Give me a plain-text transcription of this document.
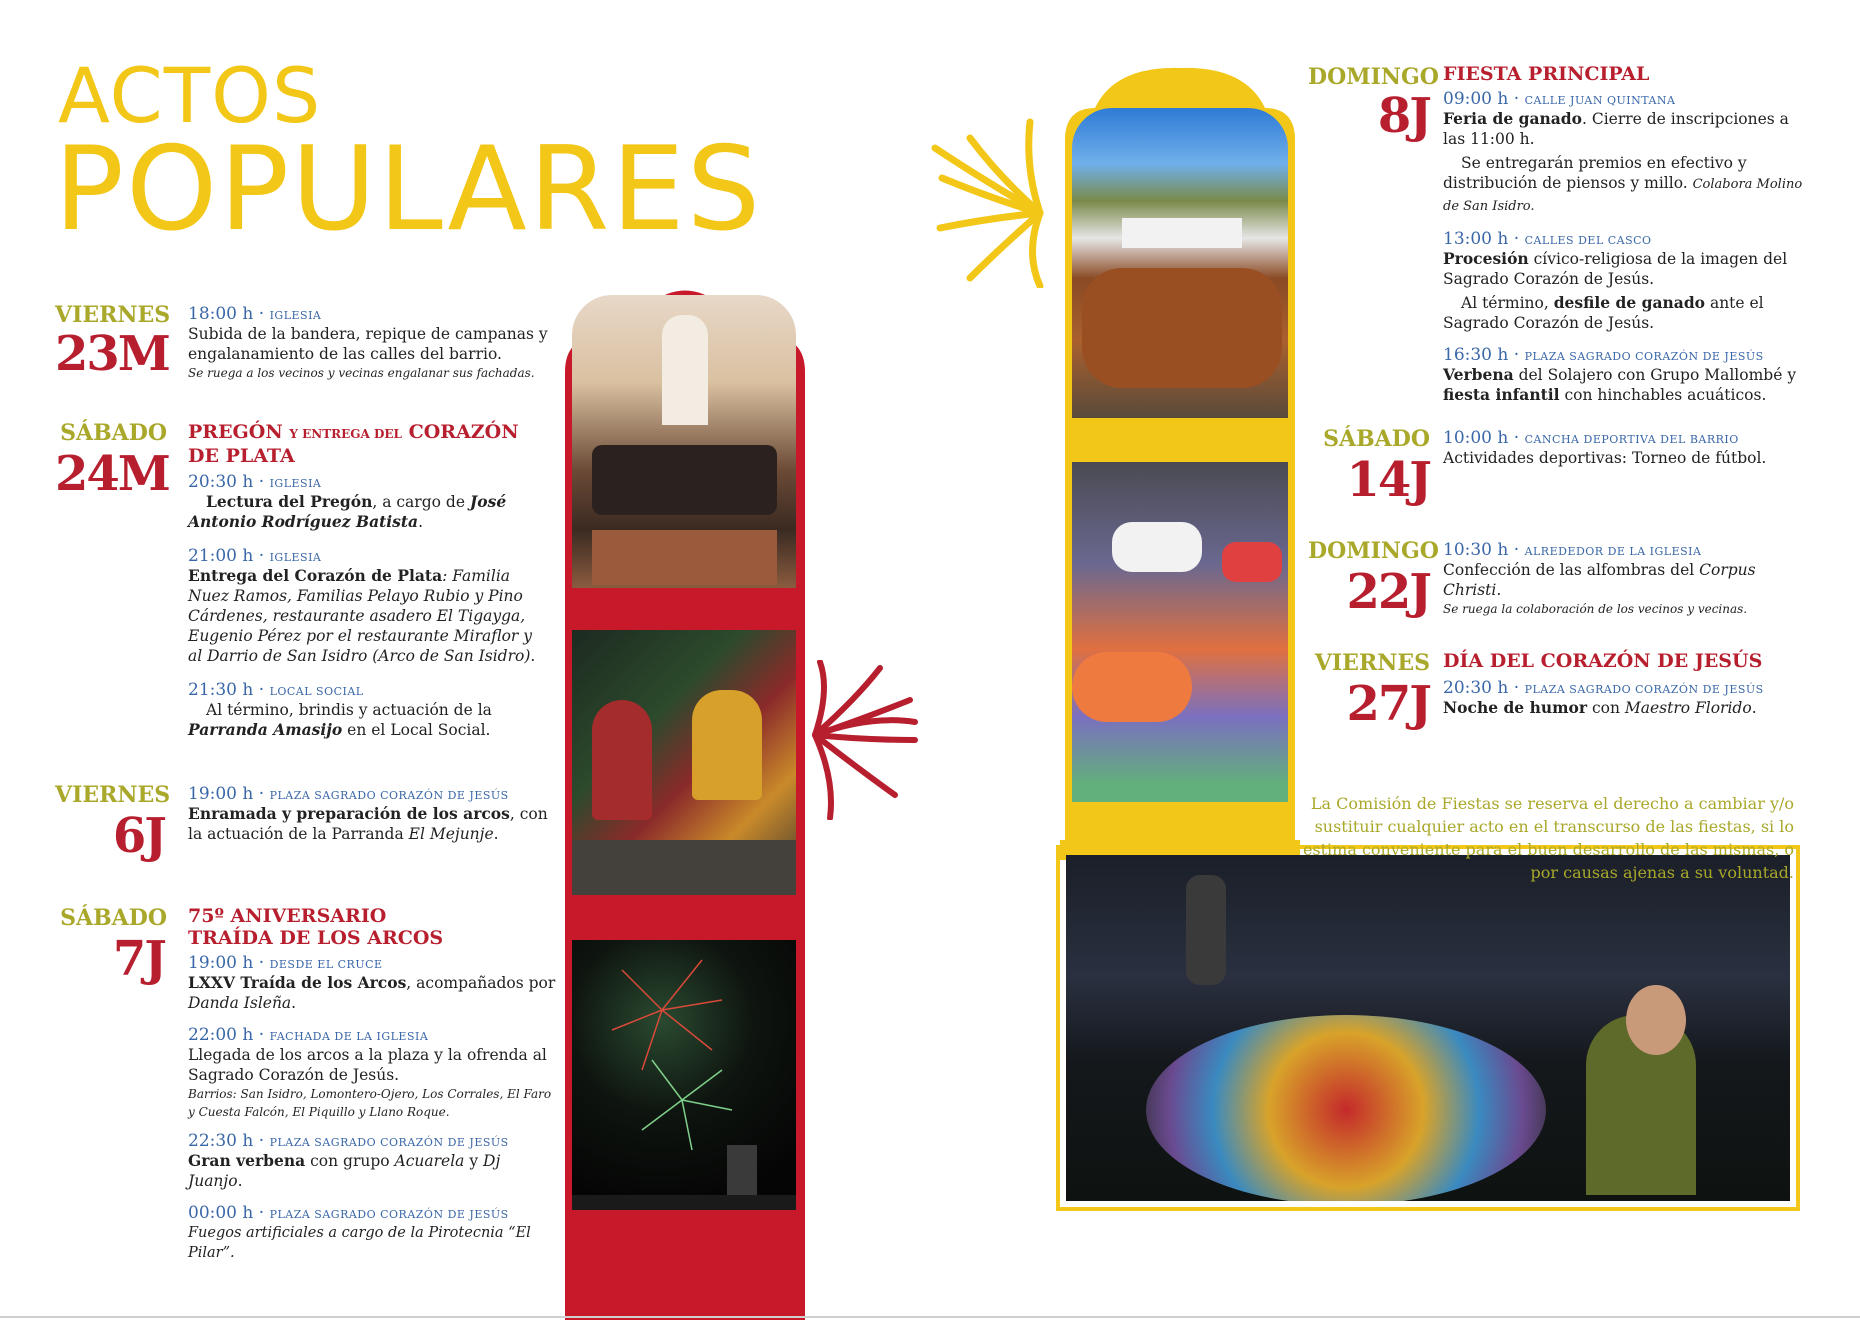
ACTOS
POPULARES
VIERNES
23M
18:00 h · IGLESIA
Subida de la bandera, repique de campanas y engalanamiento de las calles del barrio.
Se ruega a los vecinos y vecinas engalanar sus fachadas.
SÁBADO
24M
PREGÓN Y ENTREGA DEL CORAZÓN
DE PLATA
20:30 h · IGLESIA
Lectura del Pregón, a cargo de José Antonio Rodríguez Batista.
21:00 h · IGLESIA
Entrega del Corazón de Plata: Familia Nuez Ramos, Familias Pelayo Rubio y Pino Cárdenes, restaurante asadero El Tigayga, Eugenio Pérez por el restaurante Miraflor y al Darrio de San Isidro (Arco de San Isidro).
21:30 h · LOCAL SOCIAL
Al término, brindis y actuación de la Parranda Amasijo en el Local Social.
VIERNES
6J
19:00 h · PLAZA SAGRADO CORAZÓN DE JESÚS
Enramada y preparación de los arcos, con la actuación de la Parranda El Mejunje.
SÁBADO
7J
75º ANIVERSARIO
TRAÍDA DE LOS ARCOS
19:00 h · DESDE EL CRUCE
LXXV Traída de los Arcos, acompañados por Danda Isleña.
22:00 h · FACHADA DE LA IGLESIA
Llegada de los arcos a la plaza y la ofrenda al Sagrado Corazón de Jesús.
Barrios: San Isidro, Lomontero-Ojero, Los Corrales, El Faro y Cuesta Falcón, El Piquillo y Llano Roque.
22:30 h · PLAZA SAGRADO CORAZÓN DE JESÚS
Gran verbena con grupo Acuarela y Dj Juanjo.
00:00 h · PLAZA SAGRADO CORAZÓN DE JESÚS
Fuegos artificiales a cargo de la Pirotecnia “El Pilar”.
DOMINGO
8J
FIESTA PRINCIPAL
09:00 h · CALLE JUAN QUINTANA
Feria de ganado. Cierre de inscripciones a las 11:00 h.
Se entregarán premios en efectivo y distribución de piensos y millo. Colabora Molino de San Isidro.
13:00 h · CALLES DEL CASCO
Procesión cívico-religiosa de la imagen del Sagrado Corazón de Jesús.
Al término, desfile de ganado ante el Sagrado Corazón de Jesús.
16:30 h · PLAZA SAGRADO CORAZÓN DE JESÚS
Verbena del Solajero con Grupo Mallombé y fiesta infantil con hinchables acuáticos.
SÁBADO
14J
10:00 h · CANCHA DEPORTIVA DEL BARRIO
Actividades deportivas: Torneo de fútbol.
DOMINGO
22J
10:30 h · ALREDEDOR DE LA IGLESIA
Confección de las alfombras del Corpus Christi.
Se ruega la colaboración de los vecinos y vecinas.
VIERNES
27J
DÍA DEL CORAZÓN DE JESÚS
20:30 h · PLAZA SAGRADO CORAZÓN DE JESÚS
Noche de humor con Maestro Florido.
La Comisión de Fiestas se reserva el derecho a cambiar y/o sustituir cualquier acto en el transcurso de las fiestas, si lo estima conveniente para el buen desarrollo de las mismas, o por causas ajenas a su voluntad.
